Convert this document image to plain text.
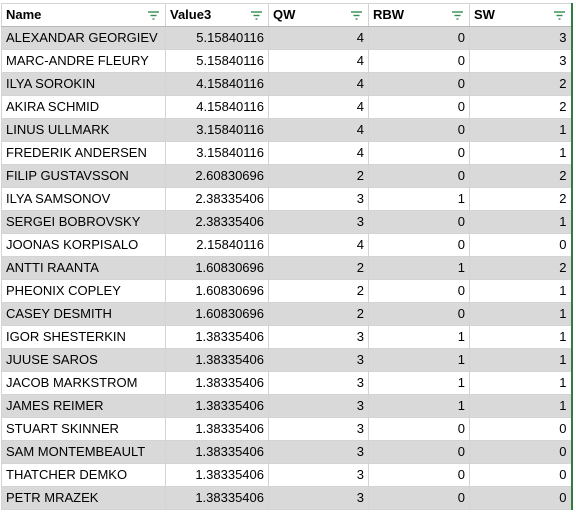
Name	Value3	QW	RBW	SW

ALEXANDAR GEORGIEV	5.15840116	4	0	3
MARC-ANDRE FLEURY	5.15840116	4	0	3
ILYA SOROKIN	4.15840116	4	0	2
AKIRA SCHMID	4.15840116	4	0	2
LINUS ULLMARK	3.15840116	4	0	1
FREDERIK ANDERSEN	3.15840116	4	0	1
FILIP GUSTAVSSON	2.60830696	2	0	2
ILYA SAMSONOV	2.38335406	3	1	2
SERGEI BOBROVSKY	2.38335406	3	0	1
JOONAS KORPISALO	2.15840116	4	0	0
ANTTI RAANTA	1.60830696	2	1	2
PHEONIX COPLEY	1.60830696	2	0	1
CASEY DESMITH	1.60830696	2	0	1
IGOR SHESTERKIN	1.38335406	3	1	1
JUUSE SAROS	1.38335406	3	1	1
JACOB MARKSTROM	1.38335406	3	1	1
JAMES REIMER	1.38335406	3	1	1
STUART SKINNER	1.38335406	3	0	0
SAM MONTEMBEAULT	1.38335406	3	0	0
THATCHER DEMKO	1.38335406	3	0	0
PETR MRAZEK	1.38335406	3	0	0
